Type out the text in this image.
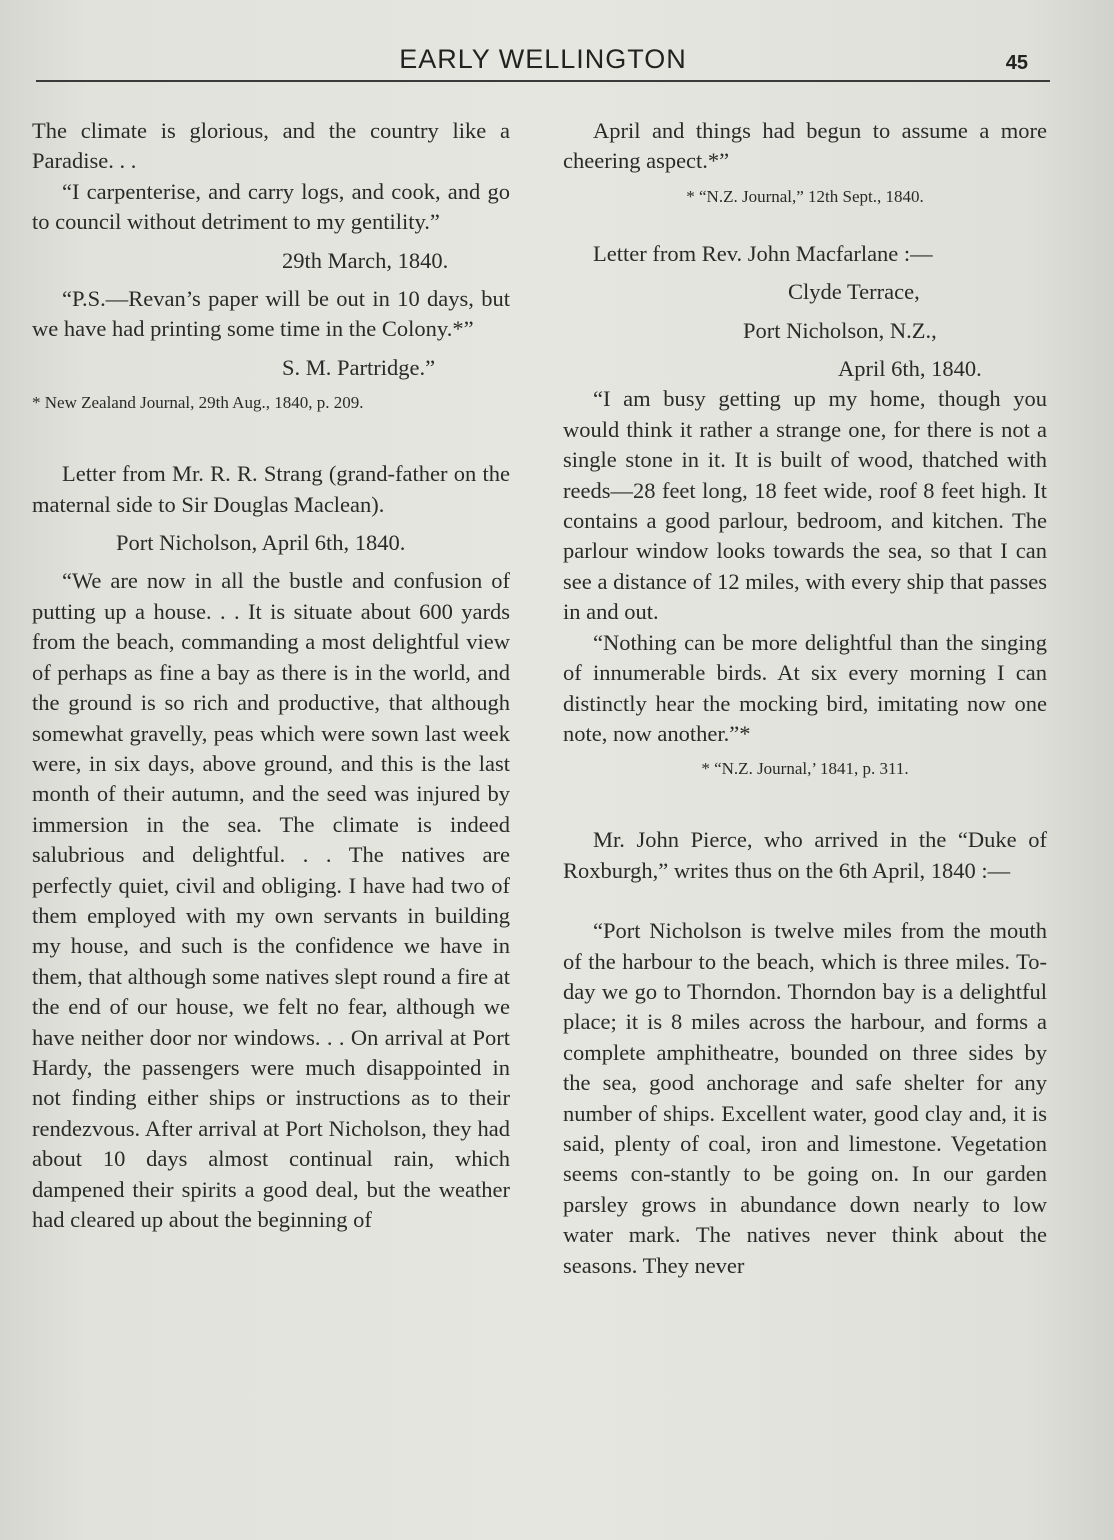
EARLY WELLINGTON	45

The climate is glorious, and the country like a Paradise. . .

“I carpenterise, and carry logs, and cook, and go to council without detriment to my gentility.”

29th March, 1840.

“P.S.—Revan’s paper will be out in 10 days, but we have had printing some time in the Colony.*”

S. M. Partridge.”

* New Zealand Journal, 29th Aug., 1840, p. 209.

Letter from Mr. R. R. Strang (grand-father on the maternal side to Sir Douglas Maclean).

Port Nicholson, April 6th, 1840.

“We are now in all the bustle and confusion of putting up a house. . . It is situate about 600 yards from the beach, commanding a most delightful view of perhaps as fine a bay as there is in the world, and the ground is so rich and productive, that although somewhat gravelly, peas which were sown last week were, in six days, above ground, and this is the last month of their autumn, and the seed was injured by immersion in the sea. The climate is indeed salubrious and delightful. . . The natives are perfectly quiet, civil and obliging. I have had two of them employed with my own servants in building my house, and such is the confidence we have in them, that although some natives slept round a fire at the end of our house, we felt no fear, although we have neither door nor windows. . . On arrival at Port Hardy, the passengers were much disappointed in not finding either ships or instructions as to their rendezvous. After arrival at Port Nicholson, they had about 10 days almost continual rain, which dampened their spirits a good deal, but the weather had cleared up about the beginning of

April and things had begun to assume a more cheering aspect.*”

* “N.Z. Journal,” 12th Sept., 1840.

Letter from Rev. John Macfarlane :—

Clyde Terrace,

Port Nicholson, N.Z.,

April 6th, 1840.

“I am busy getting up my home, though you would think it rather a strange one, for there is not a single stone in it. It is built of wood, thatched with reeds—28 feet long, 18 feet wide, roof 8 feet high. It contains a good parlour, bedroom, and kitchen. The parlour window looks towards the sea, so that I can see a distance of 12 miles, with every ship that passes in and out.

“Nothing can be more delightful than the singing of innumerable birds. At six every morning I can distinctly hear the mocking bird, imitating now one note, now another.”*

* “N.Z. Journal,’ 1841, p. 311.

Mr. John Pierce, who arrived in the “Duke of Roxburgh,” writes thus on the 6th April, 1840 :—

“Port Nicholson is twelve miles from the mouth of the harbour to the beach, which is three miles. To-day we go to Thorndon. Thorndon bay is a delightful place; it is 8 miles across the harbour, and forms a complete amphitheatre, bounded on three sides by the sea, good anchorage and safe shelter for any number of ships. Excellent water, good clay and, it is said, plenty of coal, iron and limestone. Vegetation seems con-stantly to be going on. In our garden parsley grows in abundance down nearly to low water mark. The natives never think about the seasons. They never
